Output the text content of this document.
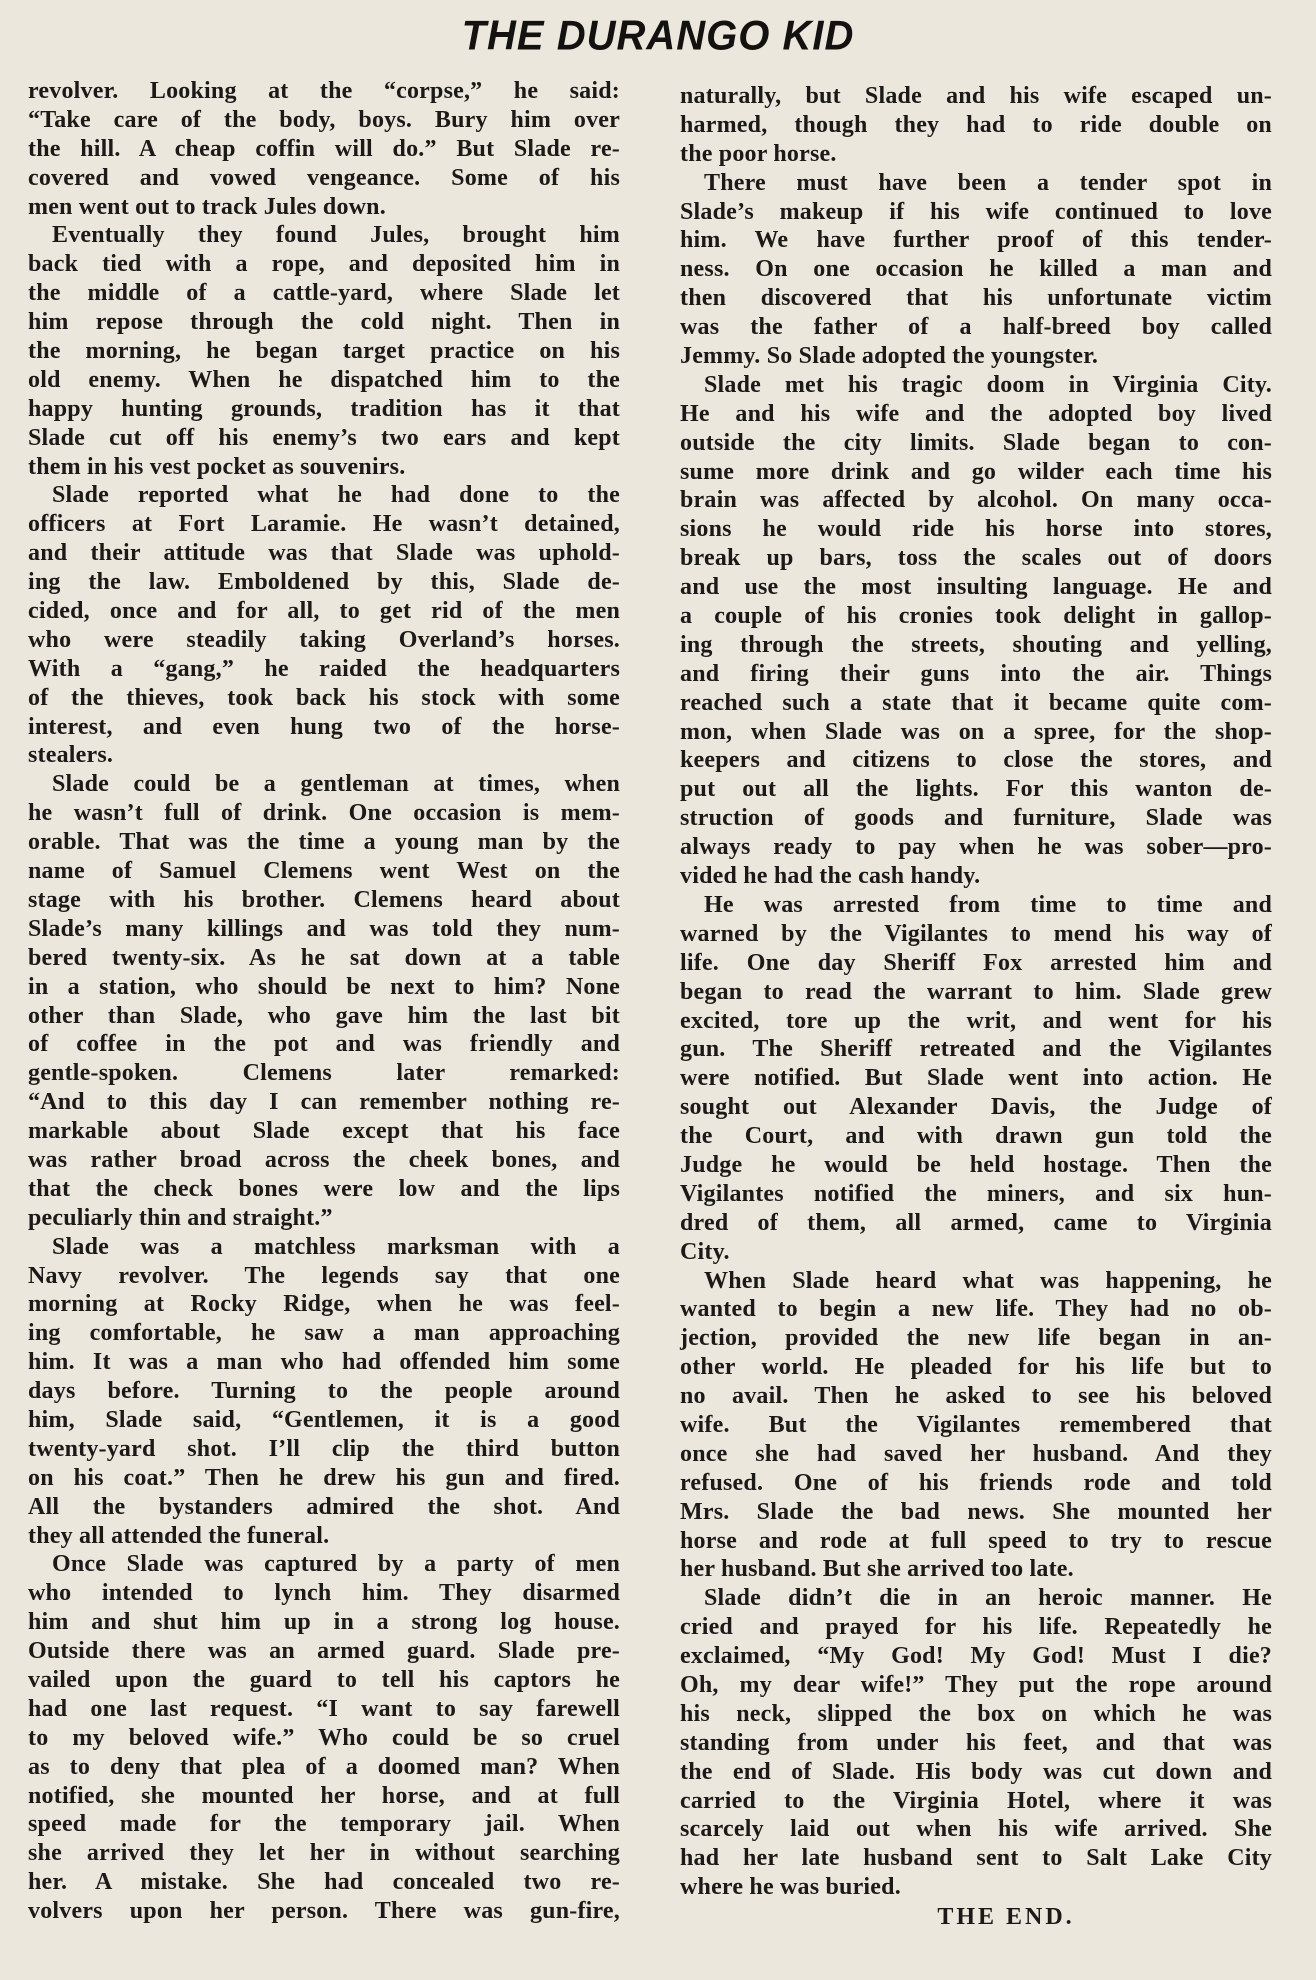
THE DURANGO KID
revolver. Looking at the “corpse,” he said:
“Take care of the body, boys. Bury him over
the hill. A cheap coffin will do.” But Slade re-
covered and vowed vengeance. Some of his
men went out to track Jules down.
Eventually they found Jules, brought him
back tied with a rope, and deposited him in
the middle of a cattle-yard, where Slade let
him repose through the cold night. Then in
the morning, he began target practice on his
old enemy. When he dispatched him to the
happy hunting grounds, tradition has it that
Slade cut off his enemy’s two ears and kept
them in his vest pocket as souvenirs.
Slade reported what he had done to the
officers at Fort Laramie. He wasn’t detained,
and their attitude was that Slade was uphold-
ing the law. Emboldened by this, Slade de-
cided, once and for all, to get rid of the men
who were steadily taking Overland’s horses.
With a “gang,” he raided the headquarters
of the thieves, took back his stock with some
interest, and even hung two of the horse-
stealers.
Slade could be a gentleman at times, when
he wasn’t full of drink. One occasion is mem-
orable. That was the time a young man by the
name of Samuel Clemens went West on the
stage with his brother. Clemens heard about
Slade’s many killings and was told they num-
bered twenty-six. As he sat down at a table
in a station, who should be next to him? None
other than Slade, who gave him the last bit
of coffee in the pot and was friendly and
gentle-spoken. Clemens later remarked:
“And to this day I can remember nothing re-
markable about Slade except that his face
was rather broad across the cheek bones, and
that the check bones were low and the lips
peculiarly thin and straight.”
Slade was a matchless marksman with a
Navy revolver. The legends say that one
morning at Rocky Ridge, when he was feel-
ing comfortable, he saw a man approaching
him. It was a man who had offended him some
days before. Turning to the people around
him, Slade said, “Gentlemen, it is a good
twenty-yard shot. I’ll clip the third button
on his coat.” Then he drew his gun and fired.
All the bystanders admired the shot. And
they all attended the funeral.
Once Slade was captured by a party of men
who intended to lynch him. They disarmed
him and shut him up in a strong log house.
Outside there was an armed guard. Slade pre-
vailed upon the guard to tell his captors he
had one last request. “I want to say farewell
to my beloved wife.” Who could be so cruel
as to deny that plea of a doomed man? When
notified, she mounted her horse, and at full
speed made for the temporary jail. When
she arrived they let her in without searching
her. A mistake. She had concealed two re-
volvers upon her person. There was gun-fire,
naturally, but Slade and his wife escaped un-
harmed, though they had to ride double on
the poor horse.
There must have been a tender spot in
Slade’s makeup if his wife continued to love
him. We have further proof of this tender-
ness. On one occasion he killed a man and
then discovered that his unfortunate victim
was the father of a half-breed boy called
Jemmy. So Slade adopted the youngster.
Slade met his tragic doom in Virginia City.
He and his wife and the adopted boy lived
outside the city limits. Slade began to con-
sume more drink and go wilder each time his
brain was affected by alcohol. On many occa-
sions he would ride his horse into stores,
break up bars, toss the scales out of doors
and use the most insulting language. He and
a couple of his cronies took delight in gallop-
ing through the streets, shouting and yelling,
and firing their guns into the air. Things
reached such a state that it became quite com-
mon, when Slade was on a spree, for the shop-
keepers and citizens to close the stores, and
put out all the lights. For this wanton de-
struction of goods and furniture, Slade was
always ready to pay when he was sober—pro-
vided he had the cash handy.
He was arrested from time to time and
warned by the Vigilantes to mend his way of
life. One day Sheriff Fox arrested him and
began to read the warrant to him. Slade grew
excited, tore up the writ, and went for his
gun. The Sheriff retreated and the Vigilantes
were notified. But Slade went into action. He
sought out Alexander Davis, the Judge of
the Court, and with drawn gun told the
Judge he would be held hostage. Then the
Vigilantes notified the miners, and six hun-
dred of them, all armed, came to Virginia
City.
When Slade heard what was happening, he
wanted to begin a new life. They had no ob-
jection, provided the new life began in an-
other world. He pleaded for his life but to
no avail. Then he asked to see his beloved
wife. But the Vigilantes remembered that
once she had saved her husband. And they
refused. One of his friends rode and told
Mrs. Slade the bad news. She mounted her
horse and rode at full speed to try to rescue
her husband. But she arrived too late.
Slade didn’t die in an heroic manner. He
cried and prayed for his life. Repeatedly he
exclaimed, “My God! My God! Must I die?
Oh, my dear wife!” They put the rope around
his neck, slipped the box on which he was
standing from under his feet, and that was
the end of Slade. His body was cut down and
carried to the Virginia Hotel, where it was
scarcely laid out when his wife arrived. She
had her late husband sent to Salt Lake City
where he was buried.
THE END.
